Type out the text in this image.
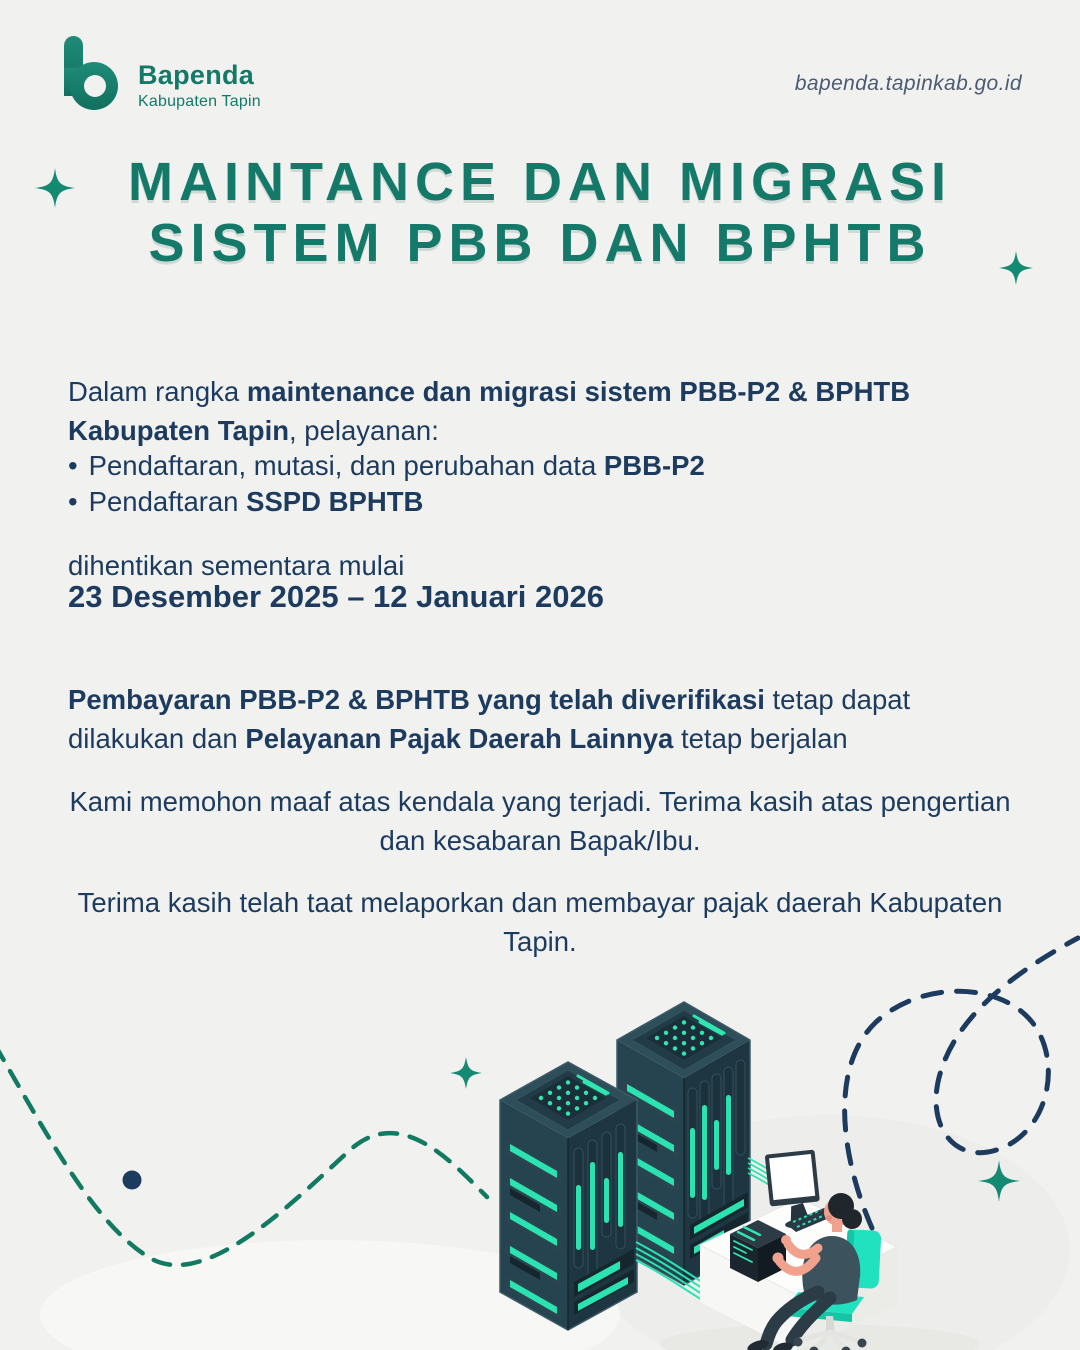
Bapenda
Kabupaten Tapin
bapenda.tapinkab.go.id
MAINTANCE DAN MIGRASI
SISTEM PBB DAN BPHTB

Dalam rangka maintenance dan migrasi sistem PBB-P2 & BPHTB Kabupaten Tapin, pelayanan:

• Pendaftaran, mutasi, dan perubahan data PBB-P2
• Pendaftaran SSPD BPHTB
dihentikan sementara mulai
23 Desember 2025 – 12 Januari 2026

Pembayaran PBB-P2 & BPHTB yang telah diverifikasi tetap dapat dilakukan dan Pelayanan Pajak Daerah Lainnya tetap berjalan

Kami memohon maaf atas kendala yang terjadi. Terima kasih atas pengertian dan kesabaran Bapak/Ibu.

Terima kasih telah taat melaporkan dan membayar pajak daerah Kabupaten Tapin.
